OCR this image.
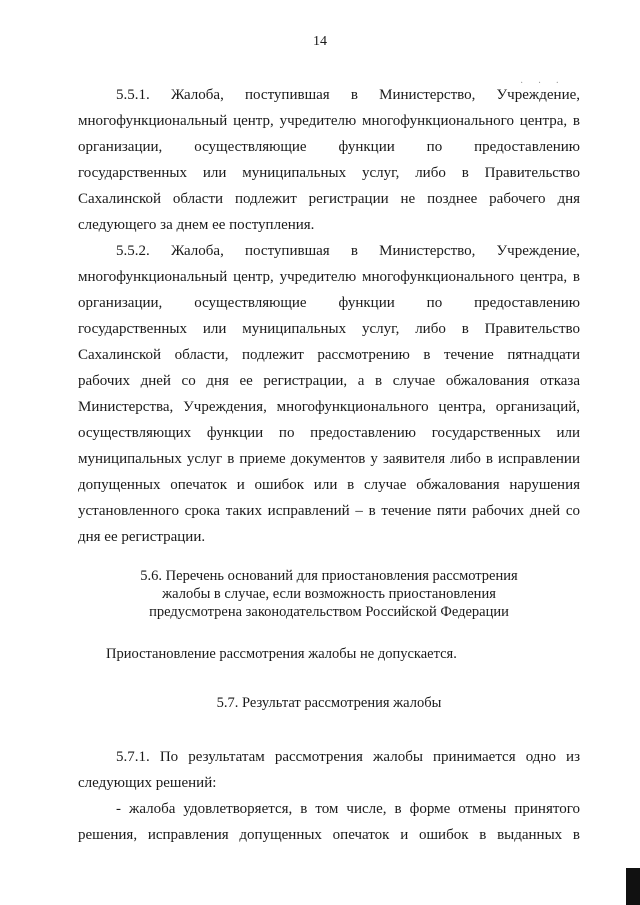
14
· · ·

5.5.1. Жалоба, поступившая в Министерство, Учреждение,

многофункциональный центр, учредителю многофункционального центра, в

организации, осуществляющие функции по предоставлению

государственных или муниципальных услуг, либо в Правительство

Сахалинской области подлежит регистрации не позднее рабочего дня

следующего за днем ее поступления.

5.5.2. Жалоба, поступившая в Министерство, Учреждение,

многофункциональный центр, учредителю многофункционального центра, в

организации, осуществляющие функции по предоставлению

государственных или муниципальных услуг, либо в Правительство

Сахалинской области, подлежит рассмотрению в течение пятнадцати

рабочих дней со дня ее регистрации, а в случае обжалования отказа

Министерства, Учреждения, многофункционального центра, организаций,

осуществляющих функции по предоставлению государственных или

муниципальных услуг в приеме документов у заявителя либо в исправлении

допущенных опечаток и ошибок или в случае обжалования нарушения

установленного срока таких исправлений – в течение пяти рабочих дней со

дня ее регистрации.

5.6. Перечень оснований для приостановления рассмотрения
жалобы в случае, если возможность приостановления
предусмотрена законодательством Российской Федерации
Приостановление рассмотрения жалобы не допускается.
5.7. Результат рассмотрения жалобы

5.7.1. По результатам рассмотрения жалобы принимается одно из

следующих решений:

- жалоба удовлетворяется, в том числе, в форме отмены принятого

решения, исправления допущенных опечаток и ошибок в выданных в
